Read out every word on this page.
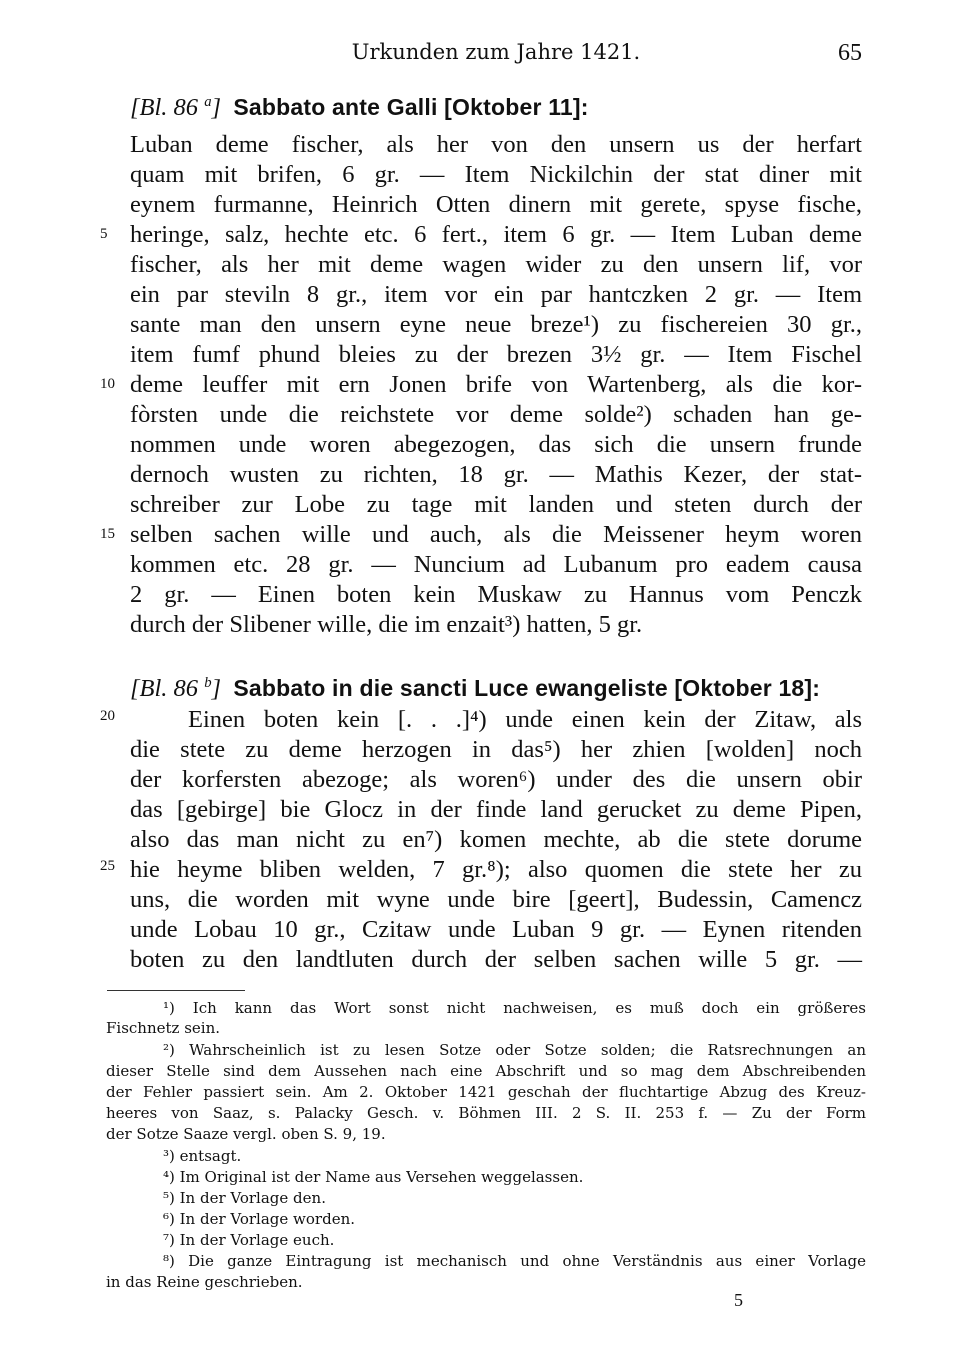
Urkunden zum Jahre 1421.	65
[Bl. 86 $^a$] Sabbato ante Galli [Oktober 11]:
Luban deme fischer, als her von den unsern us der herfart
quam mit brifen, 6 gr. — Item Nickilchin der stat diner mit
eynem furmanne, Heinrich Otten dinern mit gerete, spyse fische,
heringe, salz, hechte etc. 6 fert., item 6 gr. — Item Luban deme
fischer, als her mit deme wagen wider zu den unsern lif, vor
ein par steviln 8 gr., item vor ein par hantczken 2 gr. — Item
sante man den unsern eyne neue breze¹) zu fischereien 30 gr.,
item fumf phund bleies zu der brezen 3½ gr. — Item Fischel
deme leuffer mit ern Jonen brife von Wartenberg, als die kor-
fòrsten unde die reichstete vor deme solde²) schaden han ge-
nommen unde woren abegezogen, das sich die unsern frunde
dernoch wusten zu richten, 18 gr. — Mathis Kezer, der stat-
schreiber zur Lobe zu tage mit landen und steten durch der
selben sachen wille und auch, als die Meissener heym woren
kommen etc. 28 gr. — Nuncium ad Lubanum pro eadem causa
2 gr. — Einen boten kein Muskaw zu Hannus vom Penczk
durch der Slibener wille, die im enzait³) hatten, 5 gr.
[Bl. 86 $^b$] Sabbato in die sancti Luce ewangeliste [Oktober 18]:
Einen boten kein [. . .]⁴) unde einen kein der Zitaw, als
die stete zu deme herzogen in das⁵) her zhien [wolden] noch
der korfersten abezoge; als woren⁶) under des die unsern obir
das [gebirge] bie Glocz in der finde land gerucket zu deme Pipen,
also das man nicht zu en⁷) komen mechte, ab die stete dorume
hie heyme bliben welden, 7 gr.⁸); also quomen die stete her zu
uns, die worden mit wyne unde bire [geert], Budessin, Camencz
unde Lobau 10 gr., Czitaw unde Luban 9 gr. — Eynen ritenden
boten zu den landtluten durch der selben sachen wille 5 gr. —
5
10
15
20
25
¹) Ich kann das Wort sonst nicht nachweisen, es muß doch ein größeres
Fischnetz sein.
²) Wahrscheinlich ist zu lesen Sotze oder Sotze solden; die Ratsrechnungen an
dieser Stelle sind dem Aussehen nach eine Abschrift und so mag dem Abschreibenden
der Fehler passiert sein. Am 2. Oktober 1421 geschah der fluchtartige Abzug des Kreuz-
heeres von Saaz, s. Palacky Gesch. v. Böhmen III. 2 S. II. 253 f. — Zu der Form
der Sotze Saaze vergl. oben S. 9, 19.
³) entsagt.
⁴) Im Original ist der Name aus Versehen weggelassen.
⁵) In der Vorlage den.
⁶) In der Vorlage worden.
⁷) In der Vorlage euch.
⁸) Die ganze Eintragung ist mechanisch und ohne Verständnis aus einer Vorlage
in das Reine geschrieben.
5
